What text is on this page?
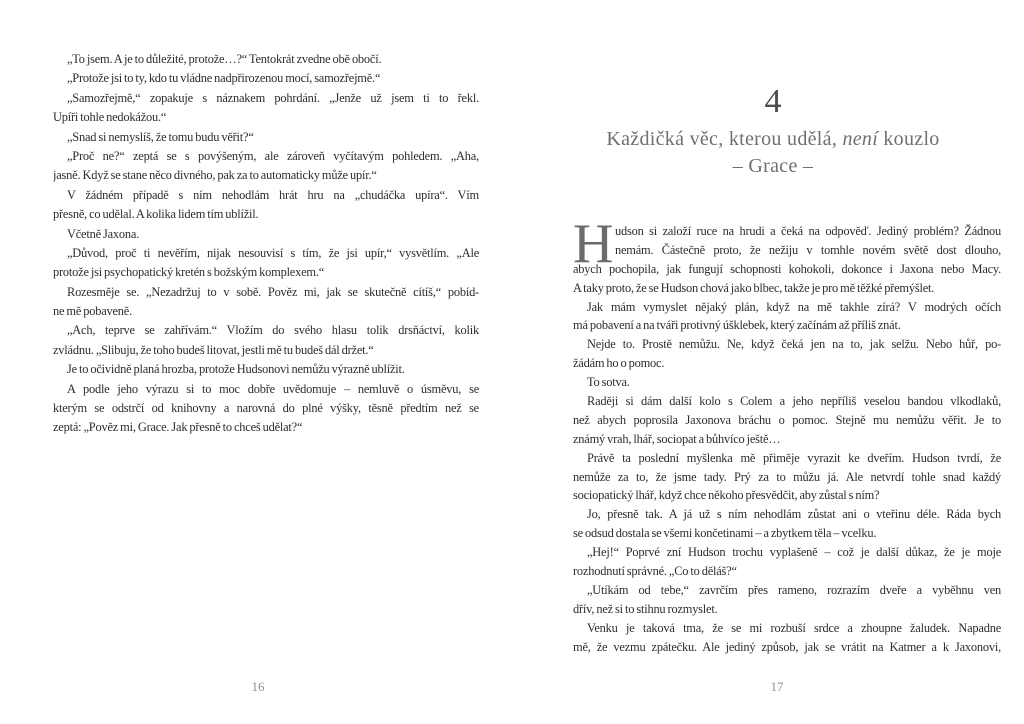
„To jsem. A je to důležité, protože…?“ Tentokrát zvedne obě obočí.
„Protože jsi to ty, kdo tu vládne nadpřirozenou mocí, samozřejmě.“
„Samozřejmě,“ zopakuje s náznakem pohrdání. „Jenže už jsem ti to řekl.
Upíři tohle nedokážou.“
„Snad si nemyslíš, že tomu budu věřit?“
„Proč ne?“ zeptá se s povýšeným, ale zároveň vyčítavým pohledem. „Aha,
jasně. Když se stane něco divného, pak za to automaticky může upír.“
V žádném případě s ním nehodlám hrát hru na „chudáčka upíra“. Vím
přesně, co udělal. A kolika lidem tím ublížil.
Včetně Jaxona.
„Důvod, proč ti nevěřím, nijak nesouvisí s tím, že jsi upír,“ vysvětlím. „Ale
protože jsi psychopatický kretén s božským komplexem.“
Rozesměje se. „Nezadržuj to v sobě. Pověz mi, jak se skutečně cítíš,“ pobíd-
ne mě pobaveně.
„Ach, teprve se zahřívám.“ Vložím do svého hlasu tolik drsňáctví, kolik
zvládnu. „Slibuju, že toho budeš litovat, jestli mě tu budeš dál držet.“
Je to očividně planá hrozba, protože Hudsonovi nemůžu výrazně ublížit.
A podle jeho výrazu si to moc dobře uvědomuje – nemluvě o úsměvu, se
kterým se odstrčí od knihovny a narovná do plné výšky, těsně předtím než se
zeptá: „Pověz mi, Grace. Jak přesně to chceš udělat?“
4
Každičká věc, kterou udělá, není kouzlo
– Grace –
H udson si založí ruce na hrudi a čeká na odpověď. Jediný problém? Žádnou
nemám. Částečně proto, že nežiju v tomhle novém světě dost dlouho,
abych pochopila, jak fungují schopnosti kohokoli, dokonce i Jaxona nebo Macy.
A taky proto, že se Hudson chová jako blbec, takže je pro mě těžké přemýšlet.
Jak mám vymyslet nějaký plán, když na mě takhle zírá? V modrých očích
má pobavení a na tváři protivný úšklebek, který začínám až příliš znát.
Nejde to. Prostě nemůžu. Ne, když čeká jen na to, jak selžu. Nebo hůř, po-
žádám ho o pomoc.
To sotva.
Raději si dám další kolo s Colem a jeho nepříliš veselou bandou vlkodlaků,
než abych poprosila Jaxonova bráchu o pomoc. Stejně mu nemůžu věřit. Je to
známý vrah, lhář, sociopat a bůhvíco ještě…
Právě ta poslední myšlenka mě přiměje vyrazit ke dveřím. Hudson tvrdí, že
nemůže za to, že jsme tady. Prý za to můžu já. Ale netvrdí tohle snad každý
sociopatický lhář, když chce někoho přesvědčit, aby zůstal s ním?
Jo, přesně tak. A já už s ním nehodlám zůstat ani o vteřinu déle. Ráda bych
se odsud dostala se všemi končetinami – a zbytkem těla – vcelku.
„Hej!“ Poprvé zní Hudson trochu vyplašeně – což je další důkaz, že je moje
rozhodnutí správné. „Co to děláš?“
„Utíkám od tebe,“ zavrčím přes rameno, rozrazím dveře a vyběhnu ven
dřív, než si to stihnu rozmyslet.
Venku je taková tma, že se mi rozbuší srdce a zhoupne žaludek. Napadne
mě, že vezmu zpátečku. Ale jediný způsob, jak se vrátit na Katmer a k Jaxonovi,
16	17
